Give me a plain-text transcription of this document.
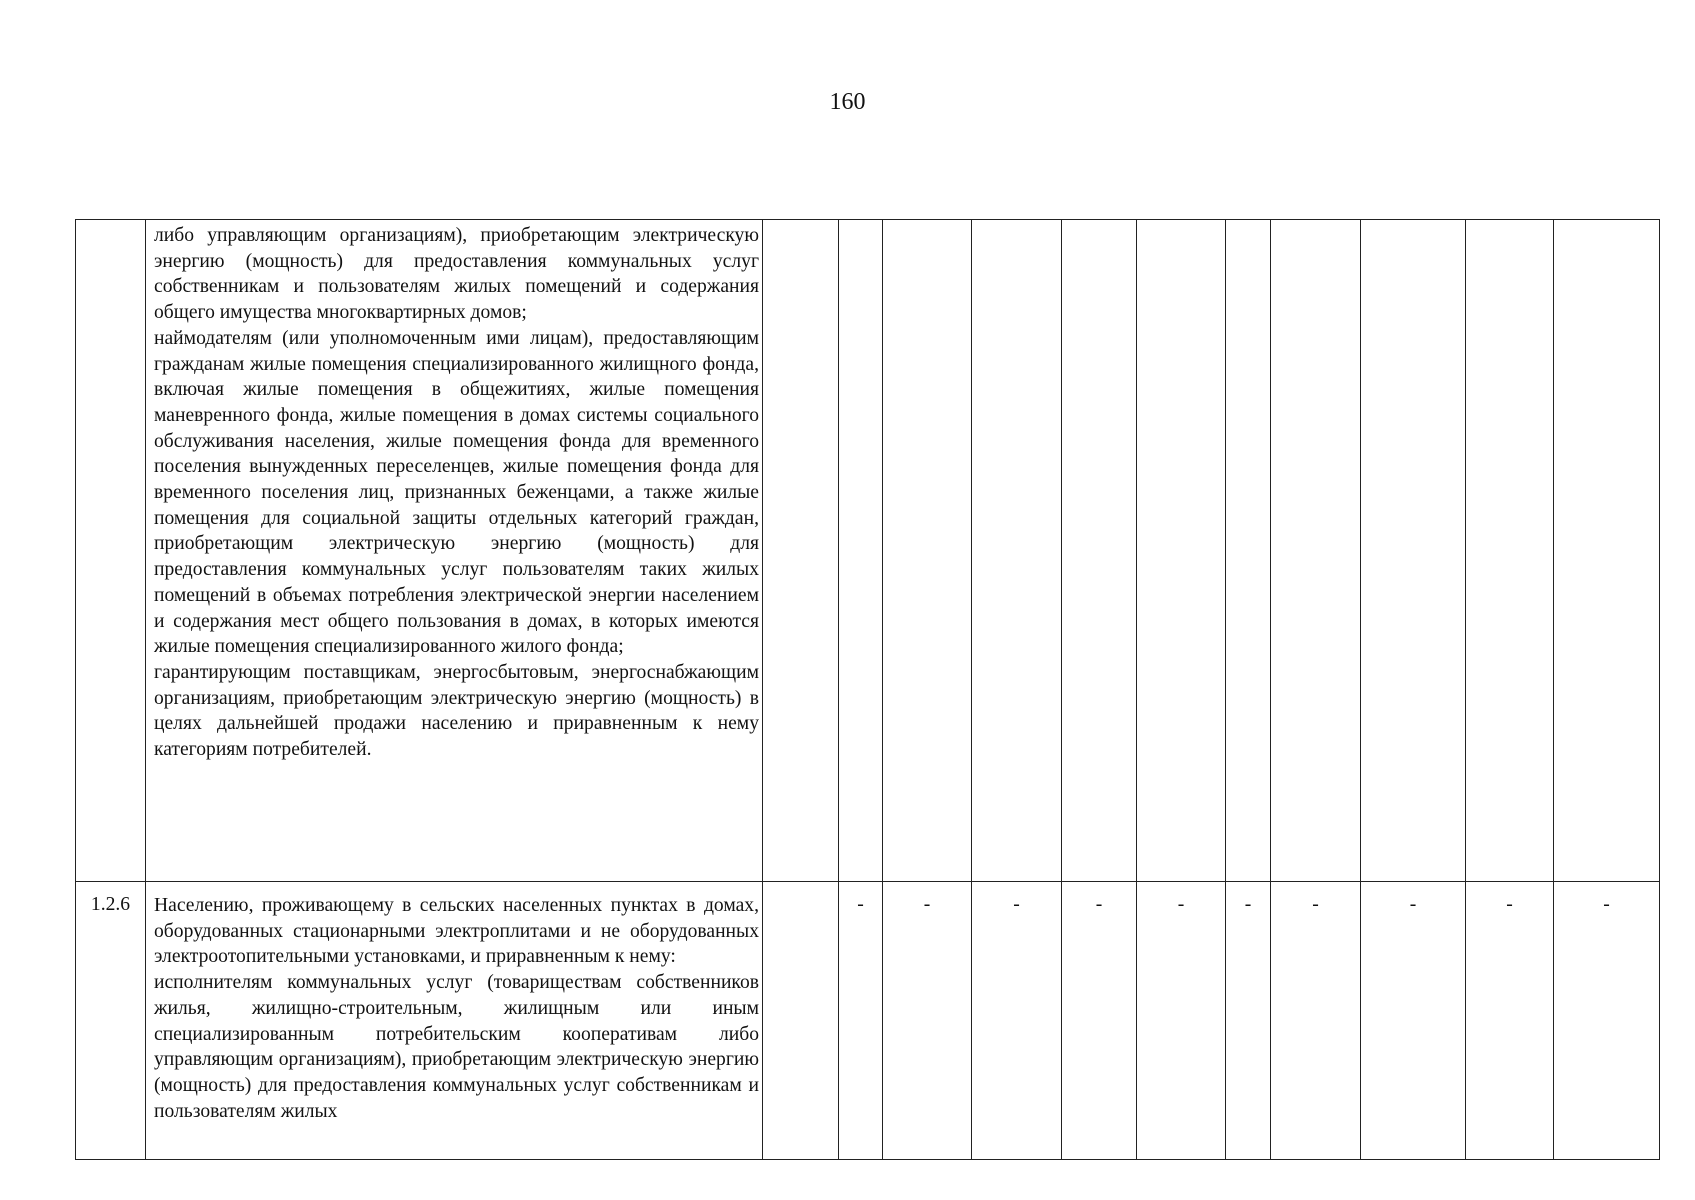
160

	либо управляющим организациям), приобретающим электрическую энергию (мощность) для предоставления коммунальных услуг собственникам и пользователям жилых помещений и содержания общего имущества многоквартирных домов;
наймодателям (или уполномоченным ими лицам), предоставляющим гражданам жилые помещения специализированного жилищного фонда, включая жилые помещения в общежитиях, жилые помещения маневренного фонда, жилые помещения в домах системы социального обслуживания населения, жилые помещения фонда для временного поселения вынужденных переселенцев, жилые помещения фонда для временного поселения лиц, признанных беженцами, а также жилые помещения для социальной защиты отдельных категорий граждан, приобретающим электрическую энергию (мощность) для предоставления коммунальных услуг пользователям таких жилых помещений в объемах потребления электрической энергии населением и содержания мест общего пользования в домах, в которых имеются жилые помещения специализированного жилого фонда;
гарантирующим поставщикам, энергосбытовым, энергоснабжающим организациям, приобретающим электрическую энергию (мощность) в целях дальнейшей продажи населению и приравненным к нему категориям потребителей.											

1.2.6	Населению, проживающему в сельских населенных пунктах в домах, оборудованных стационарными электроплитами и не оборудованных электроотопительными установками, и приравненным к нему:
исполнителям коммунальных услуг (товариществам собственников жилья, жилищно-строительным, жилищным или иным специализированным потребительским кооперативам либо управляющим организациям), приобретающим электрическую энергию (мощность) для предоставления коммунальных услуг собственникам и пользователям жилых		-	-	-	-	-	-	-	-	-	-
